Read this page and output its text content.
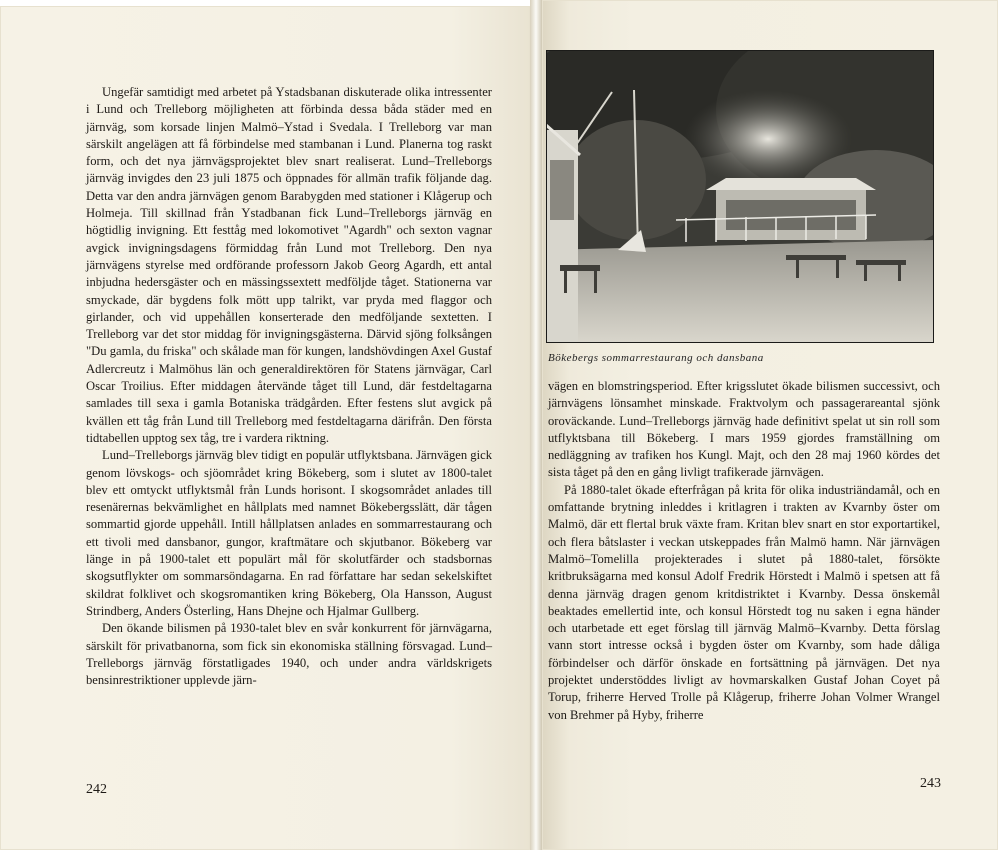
Ungefär samtidigt med arbetet på Ystadsbanan diskuterade olika intressenter i Lund och Trelleborg möjligheten att förbinda dessa båda städer med en järnväg, som korsade linjen Malmö–Ystad i Svedala. I Trelleborg var man särskilt angelägen att få förbindelse med stambanan i Lund. Planerna tog raskt form, och det nya järnvägsprojektet blev snart realiserat. Lund–Trelleborgs järnväg invigdes den 23 juli 1875 och öppnades för allmän trafik följande dag. Detta var den andra järnvägen genom Barabygden med stationer i Klågerup och Holmeja. Till skillnad från Ystadbanan fick Lund–Trelleborgs järnväg en högtidlig invigning. Ett festtåg med lokomotivet "Agardh" och sexton vagnar avgick invigningsdagens förmiddag från Lund mot Trelleborg. Den nya järnvägens styrelse med ordförande professorn Jakob Georg Agardh, ett antal inbjudna hedersgäster och en mässingssextett medföljde tåget. Stationerna var smyckade, där bygdens folk mött upp talrikt, var pryda med flaggor och girlander, och vid uppehållen konserterade den medföljande sextetten. I Trelleborg var det stor middag för invigningsgästerna. Därvid sjöng folksången "Du gamla, du friska" och skålade man för kungen, landshövdingen Axel Gustaf Adlercreutz i Malmöhus län och generaldirektören för Statens järnvägar, Carl Oscar Troilius. Efter middagen återvände tåget till Lund, där festdeltagarna samlades till sexa i gamla Botaniska trädgården. Efter festens slut avgick på kvällen ett tåg från Lund till Trelleborg med festdeltagarna därifrån. Den första tidtabellen upptog sex tåg, tre i vardera riktning.

Lund–Trelleborgs järnväg blev tidigt en populär utflyktsbana. Järnvägen gick genom lövskogs- och sjöområdet kring Bökeberg, som i slutet av 1800-talet blev ett omtyckt utflyktsmål från Lunds horisont. I skogsområdet anlades till resenärernas bekvämlighet en hållplats med namnet Bökebergsslätt, där tågen sommartid gjorde uppehåll. Intill hållplatsen anlades en sommarrestaurang och ett tivoli med dansbanor, gungor, kraftmätare och skjutbanor. Bökeberg var länge in på 1900-talet ett populärt mål för skolutfärder och stadsbornas skogsutflykter om sommarsöndagarna. En rad författare har sedan sekelskiftet skildrat folklivet och skogsromantiken kring Bökeberg, Ola Hansson, August Strindberg, Anders Österling, Hans Dhejne och Hjalmar Gullberg.

Den ökande bilismen på 1930-talet blev en svår konkurrent för järnvägarna, särskilt för privatbanorna, som fick sin ekonomiska ställning försvagad. Lund–Trelleborgs järnväg förstatligades 1940, och under andra världskrigets bensinrestriktioner upplevde järn-

242
Bökebergs sommarrestaurang och dansbana

vägen en blomstringsperiod. Efter krigsslutet ökade bilismen successivt, och järnvägens lönsamhet minskade. Fraktvolym och passagerareantal sjönk oroväckande. Lund–Trelleborgs järnväg hade definitivt spelat ut sin roll som utflyktsbana till Bökeberg. I mars 1959 gjordes framställning om nedläggning av trafiken hos Kungl. Majt, och den 28 maj 1960 kördes det sista tåget på den en gång livligt trafikerade järnvägen.

På 1880-talet ökade efterfrågan på krita för olika industriändamål, och en omfattande brytning inleddes i kritlagren i trakten av Kvarnby öster om Malmö, där ett flertal bruk växte fram. Kritan blev snart en stor exportartikel, och flera båtslaster i veckan utskeppades från Malmö hamn. När järnvägen Malmö–Tomelilla projekterades i slutet på 1880-talet, försökte kritbruksägarna med konsul Adolf Fredrik Hörstedt i Malmö i spetsen att få denna järnväg dragen genom kritdistriktet i Kvarnby. Dessa önskemål beaktades emellertid inte, och konsul Hörstedt tog nu saken i egna händer och utarbetade ett eget förslag till järnväg Malmö–Kvarnby. Detta förslag vann stort intresse också i bygden öster om Kvarnby, som hade dåliga förbindelser och därför önskade en fortsättning på järnvägen. Det nya projektet understöddes livligt av hovmarskalken Gustaf Johan Coyet på Torup, friherre Herved Trolle på Klågerup, friherre Johan Volmer Wrangel von Brehmer på Hyby, friherre

243
